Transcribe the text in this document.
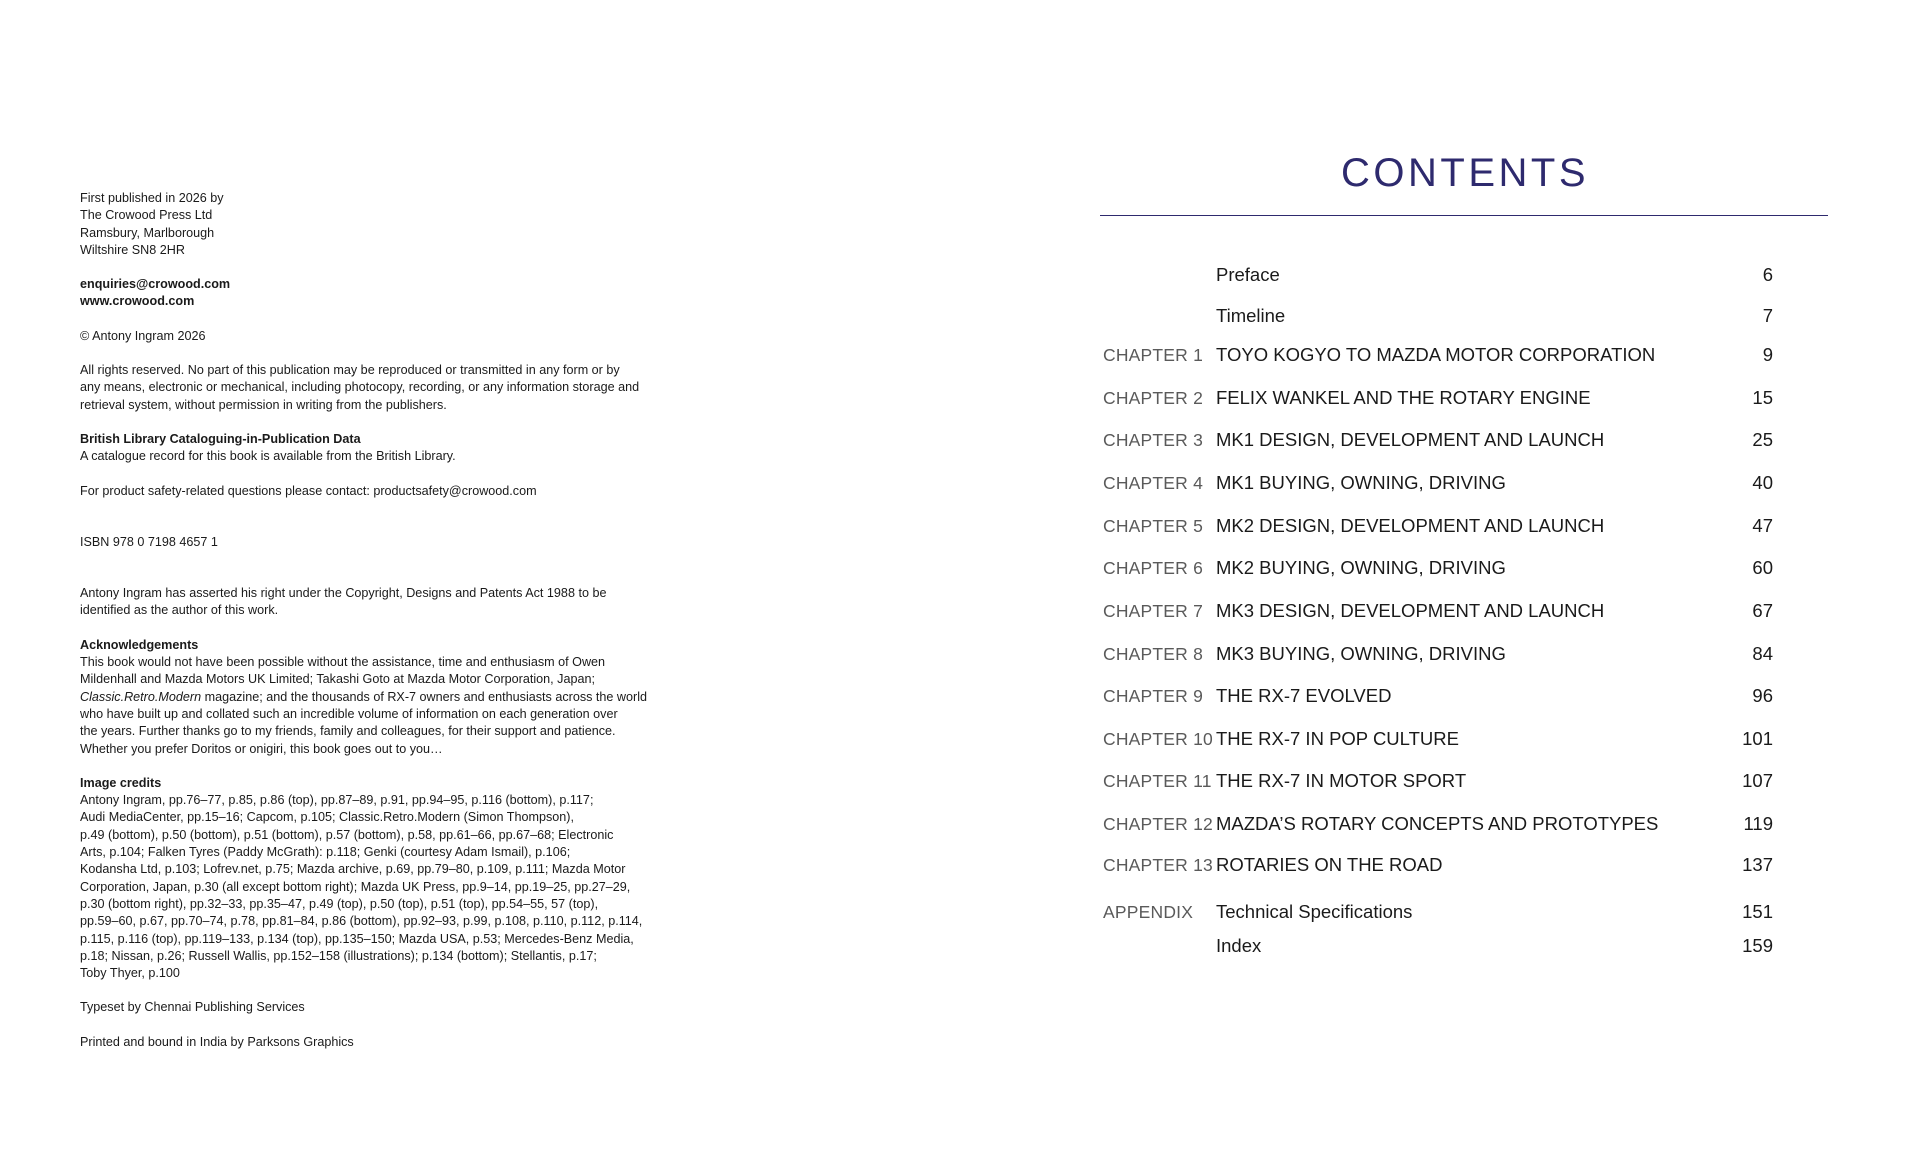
First published in 2026 by
The Crowood Press Ltd
Ramsbury, Marlborough
Wiltshire SN8 2HR
enquiries@crowood.com
www.crowood.com
© Antony Ingram 2026
All rights reserved. No part of this publication may be reproduced or transmitted in any form or by
any means, electronic or mechanical, including photocopy, recording, or any information storage and
retrieval system, without permission in writing from the publishers.
British Library Cataloguing-in-Publication Data
A catalogue record for this book is available from the British Library.
For product safety-related questions please contact: productsafety@crowood.com
ISBN 978 0 7198 4657 1
Antony Ingram has asserted his right under the Copyright, Designs and Patents Act 1988 to be
identified as the author of this work.
Acknowledgements
This book would not have been possible without the assistance, time and enthusiasm of Owen
Mildenhall and Mazda Motors UK Limited; Takashi Goto at Mazda Motor Corporation, Japan;
Classic.Retro.Modern magazine; and the thousands of RX-7 owners and enthusiasts across the world
who have built up and collated such an incredible volume of information on each generation over
the years. Further thanks go to my friends, family and colleagues, for their support and patience.
Whether you prefer Doritos or onigiri, this book goes out to you…
Image credits
Antony Ingram, pp.76–77, p.85, p.86 (top), pp.87–89, p.91, pp.94–95, p.116 (bottom), p.117;
Audi MediaCenter, pp.15–16; Capcom, p.105; Classic.Retro.Modern (Simon Thompson),
p.49 (bottom), p.50 (bottom), p.51 (bottom), p.57 (bottom), p.58, pp.61–66, pp.67–68; Electronic
Arts, p.104; Falken Tyres (Paddy McGrath): p.118; Genki (courtesy Adam Ismail), p.106;
Kodansha Ltd, p.103; Lofrev.net, p.75; Mazda archive, p.69, pp.79–80, p.109, p.111; Mazda Motor
Corporation, Japan, p.30 (all except bottom right); Mazda UK Press, pp.9–14, pp.19–25, pp.27–29,
p.30 (bottom right), pp.32–33, pp.35–47, p.49 (top), p.50 (top), p.51 (top), pp.54–55, 57 (top),
pp.59–60, p.67, pp.70–74, p.78, pp.81–84, p.86 (bottom), pp.92–93, p.99, p.108, p.110, p.112, p.114,
p.115, p.116 (top), pp.119–133, p.134 (top), pp.135–150; Mazda USA, p.53; Mercedes-Benz Media,
p.18; Nissan, p.26; Russell Wallis, pp.152–158 (illustrations); p.134 (bottom); Stellantis, p.17;
Toby Thyer, p.100
Typeset by Chennai Publishing Services
Printed and bound in India by Parksons Graphics
CONTENTS
Preface	6
Timeline	7
CHAPTER 1 TOYO KOGYO TO MAZDA MOTOR CORPORATION	9
CHAPTER 2 FELIX WANKEL AND THE ROTARY ENGINE	15
CHAPTER 3 MK1 DESIGN, DEVELOPMENT AND LAUNCH	25
CHAPTER 4 MK1 BUYING, OWNING, DRIVING	40
CHAPTER 5 MK2 DESIGN, DEVELOPMENT AND LAUNCH	47
CHAPTER 6 MK2 BUYING, OWNING, DRIVING	60
CHAPTER 7 MK3 DESIGN, DEVELOPMENT AND LAUNCH	67
CHAPTER 8 MK3 BUYING, OWNING, DRIVING	84
CHAPTER 9 THE RX-7 EVOLVED	96
CHAPTER 10 THE RX-7 IN POP CULTURE	101
CHAPTER 11 THE RX-7 IN MOTOR SPORT	107
CHAPTER 12 MAZDA’S ROTARY CONCEPTS AND PROTOTYPES	119
CHAPTER 13 ROTARIES ON THE ROAD	137
APPENDIX Technical Specifications	151
Index	159
